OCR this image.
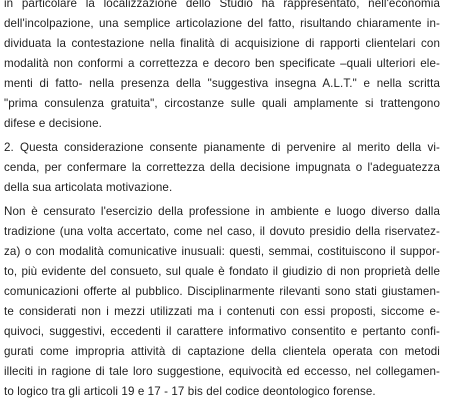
in particolare la localizzazione dello Studio ha rappresentato, nell'economia

dell'incolpazione, una semplice articolazione del fatto, risultando chiaramente in-

dividuata la contestazione nella finalità di acquisizione di rapporti clientelari con

modalità non conformi a correttezza e decoro ben specificate –quali ulteriori ele-

menti di fatto- nella presenza della "suggestiva insegna A.L.T." e nella scritta

"prima consulenza gratuita", circostanze sulle quali amplamente si trattengono

difese e decisione.

2. Questa considerazione consente pianamente di pervenire al merito della vi-

cenda, per confermare la correttezza della decisione impugnata o l'adeguatezza

della sua articolata motivazione.

Non è censurato l'esercizio della professione in ambiente e luogo diverso dalla

tradizione (una volta accertato, come nel caso, il dovuto presidio della riservatez-

za) o con modalità comunicative inusuali: questi, semmai, costituiscono il suppor-

to, più evidente del consueto, sul quale è fondato il giudizio di non proprietà delle

comunicazioni offerte al pubblico. Disciplinarmente rilevanti sono stati giustamen-

te considerati non i mezzi utilizzati ma i contenuti con essi proposti, siccome e-

quivoci, suggestivi, eccedenti il carattere informativo consentito e pertanto confi-

gurati come impropria attività di captazione della clientela operata con metodi

illeciti in ragione di tale loro suggestione, equivocità ed eccesso, nel collegamen-

to logico tra gli articoli 19 e 17 - 17 bis del codice deontologico forense.
